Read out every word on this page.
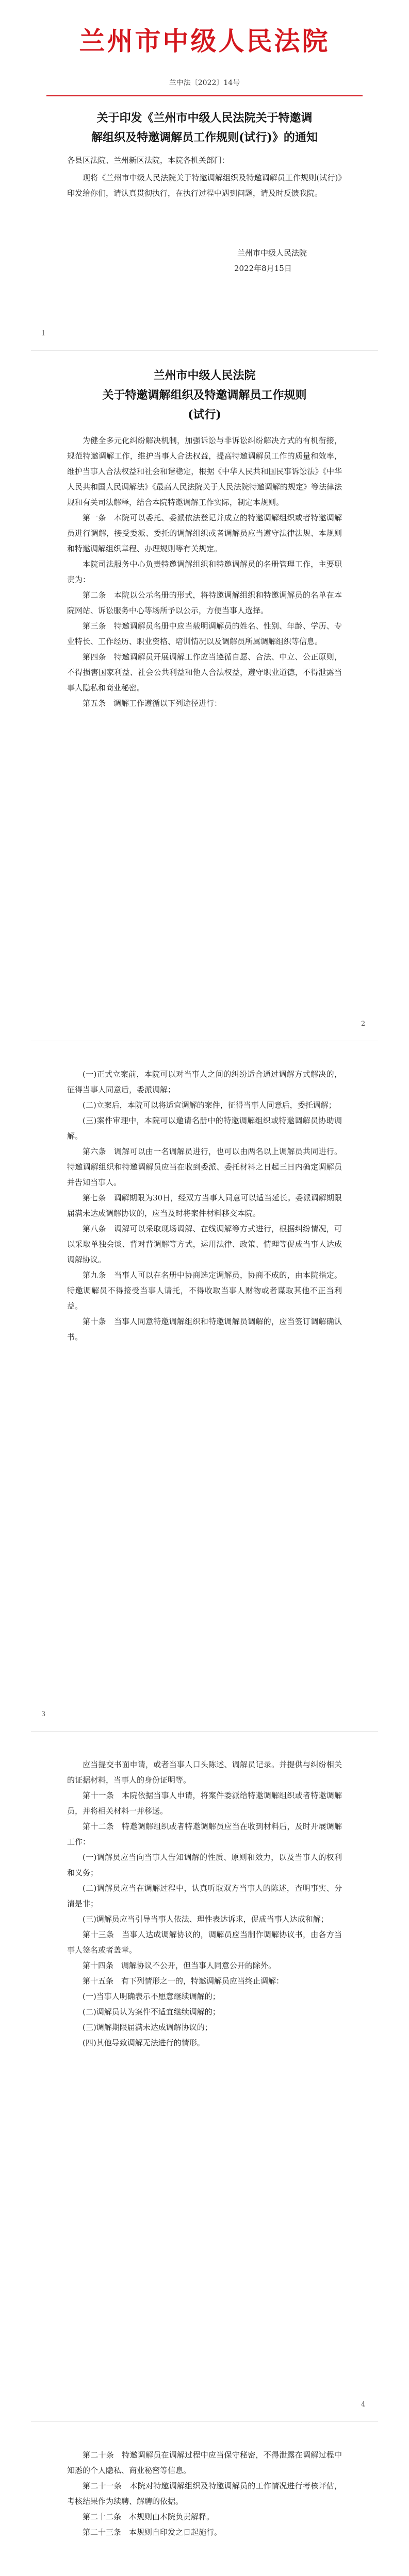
兰州市中级人民法院
兰中法〔2022〕14号
关于印发《兰州市中级人民法院关于特邀调
解组织及特邀调解员工作规则(试行)》的通知
各县区法院、兰州新区法院，本院各机关部门：

现将《兰州市中级人民法院关于特邀调解组织及特邀调解员工作规则(试行)》印发给你们，请认真贯彻执行，在执行过程中遇到问题，请及时反馈我院。

兰州市中级人民法院
2022年8月15日
1
兰州市中级人民法院
关于特邀调解组织及特邀调解员工作规则
(试行)

为健全多元化纠纷解决机制，加强诉讼与非诉讼纠纷解决方式的有机衔接，规范特邀调解工作，维护当事人合法权益，提高特邀调解员工作的质量和效率，维护当事人合法权益和社会和谐稳定，根据《中华人民共和国民事诉讼法》《中华人民共和国人民调解法》《最高人民法院关于人民法院特邀调解的规定》等法律法规和有关司法解释，结合本院特邀调解工作实际，制定本规则。

第一条　本院可以委托、委派依法登记并成立的特邀调解组织或者特邀调解员进行调解，接受委派、委托的调解组织或者调解员应当遵守法律法规、本规则和特邀调解组织章程、办理规则等有关规定。

本院司法服务中心负责特邀调解组织和特邀调解员的名册管理工作，主要职责为：

第二条　本院以公示名册的形式，将特邀调解组织和特邀调解员的名单在本院网站、诉讼服务中心等场所予以公示，方便当事人选择。

第三条　特邀调解员名册中应当载明调解员的姓名、性别、年龄、学历、专业特长、工作经历、职业资格、培训情况以及调解员所属调解组织等信息。

第四条　特邀调解员开展调解工作应当遵循自愿、合法、中立、公正原则，不得损害国家利益、社会公共利益和他人合法权益，遵守职业道德，不得泄露当事人隐私和商业秘密。

第五条　调解工作遵循以下列途径进行：

2

(一)正式立案前，本院可以对当事人之间的纠纷适合通过调解方式解决的，征得当事人同意后，委派调解；

(二)立案后，本院可以将适宜调解的案件，征得当事人同意后，委托调解；

(三)案件审理中，本院可以邀请名册中的特邀调解组织或特邀调解员协助调解。

第六条　调解可以由一名调解员进行，也可以由两名以上调解员共同进行。特邀调解组织和特邀调解员应当在收到委派、委托材料之日起三日内确定调解员并告知当事人。

第七条　调解期限为30日，经双方当事人同意可以适当延长。委派调解期限届满未达成调解协议的，应当及时将案件材料移交本院。

第八条　调解可以采取现场调解、在线调解等方式进行，根据纠纷情况，可以采取单独会谈、背对背调解等方式，运用法律、政策、情理等促成当事人达成调解协议。

第九条　当事人可以在名册中协商选定调解员，协商不成的，由本院指定。特邀调解员不得接受当事人请托，不得收取当事人财物或者谋取其他不正当利益。

第十条　当事人同意特邀调解组织和特邀调解员调解的，应当签订调解确认书。

3

应当提交书面申请，或者当事人口头陈述、调解员记录。并提供与纠纷相关的证据材料，当事人的身份证明等。

第十一条　本院依据当事人申请，将案件委派给特邀调解组织或者特邀调解员，并将相关材料一并移送。

第十二条　特邀调解组织或者特邀调解员应当在收到材料后，及时开展调解工作：

(一)调解员应当向当事人告知调解的性质、原则和效力，以及当事人的权利和义务；

(二)调解员应当在调解过程中，认真听取双方当事人的陈述，查明事实、分清是非；

(三)调解员应当引导当事人依法、理性表达诉求，促成当事人达成和解；

第十三条　当事人达成调解协议的，调解员应当制作调解协议书，由各方当事人签名或者盖章。

第十四条　调解协议不公开，但当事人同意公开的除外。

第十五条　有下列情形之一的，特邀调解员应当终止调解：

(一)当事人明确表示不愿意继续调解的；

(二)调解员认为案件不适宜继续调解的；

(三)调解期限届满未达成调解协议的；

(四)其他导致调解无法进行的情形。

4

第二十条　特邀调解员在调解过程中应当保守秘密，不得泄露在调解过程中知悉的个人隐私、商业秘密等信息。

第二十一条　本院对特邀调解组织及特邀调解员的工作情况进行考核评估，考核结果作为续聘、解聘的依据。

第二十二条　本规则由本院负责解释。

第二十三条　本规则自印发之日起施行。
